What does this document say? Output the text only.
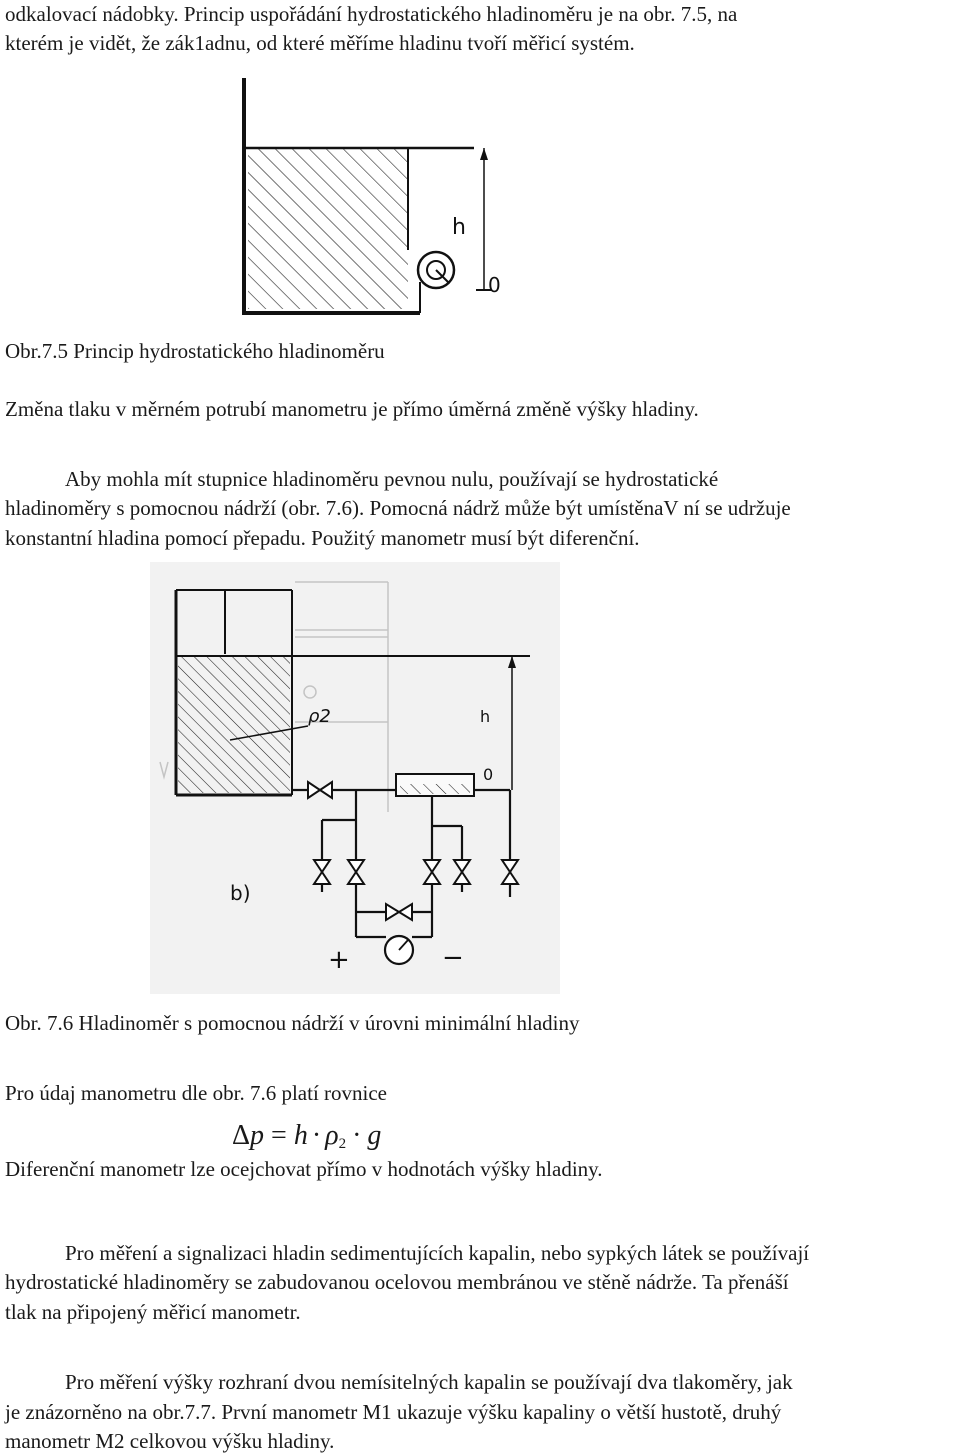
odkalovací nádobky. Princip uspořádání hydrostatického hladinoměru je na obr. 7.5, na
kterém je vidět, že zák1adnu, od které měříme hladinu tvoří měřicí systém.
h
0
Obr.7.5 Princip hydrostatického hladinoměru
Změna tlaku v měrném potrubí manometru je přímo úměrná změně výšky hladiny.
Aby mohla mít stupnice hladinoměru pevnou nulu, používají se hydrostatické
hladinoměry s pomocnou nádrží (obr. 7.6). Pomocná nádrž může být umístěnaV ní se udržuje
konstantní hladina pomocí přepadu. Použitý manometr musí být diferenční.
h
0
ρ2
+	−
b)
Obr. 7.6 Hladinoměr s pomocnou nádrží v úrovni minimální hladiny
Pro údaj manometru dle obr. 7.6 platí rovnice
$\Delta p = h \cdot \rho_2 \cdot g$
Diferenční manometr lze ocejchovat přímo v hodnotách výšky hladiny.
Pro měření a signalizaci hladin sedimentujících kapalin, nebo sypkých látek se používají
hydrostatické hladinoměry se zabudovanou ocelovou membránou ve stěně nádrže. Ta přenáší
tlak na připojený měřicí manometr.
Pro měření výšky rozhraní dvou nemísitelných kapalin se používají dva tlakoměry, jak
je znázorněno na obr.7.7. První manometr M1 ukazuje výšku kapaliny o větší hustotě, druhý
manometr M2 celkovou výšku hladiny.
